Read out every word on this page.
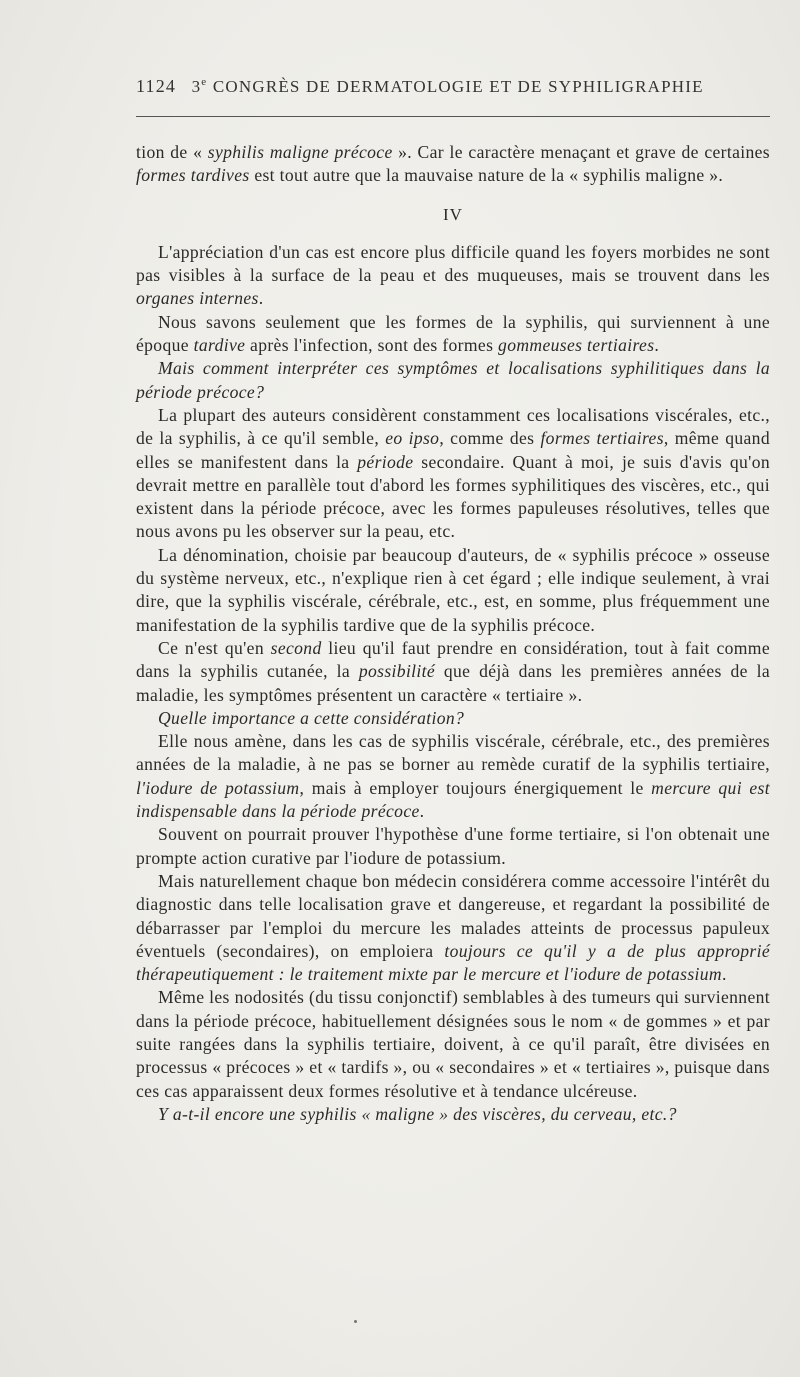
1124 3e CONGRÈS DE DERMATOLOGIE ET DE SYPHILIGRAPHIE

tion de « syphilis maligne précoce ». Car le caractère menaçant et grave de certaines formes tardives est tout autre que la mauvaise nature de la « syphilis maligne ».

IV

L'appréciation d'un cas est encore plus difficile quand les foyers morbides ne sont pas visibles à la surface de la peau et des muqueuses, mais se trouvent dans les organes internes.

Nous savons seulement que les formes de la syphilis, qui surviennent à une époque tardive après l'infection, sont des formes gommeuses tertiaires.

Mais comment interpréter ces symptômes et localisations syphilitiques dans la période précoce?

La plupart des auteurs considèrent constamment ces localisations viscérales, etc., de la syphilis, à ce qu'il semble, eo ipso, comme des formes tertiaires, même quand elles se manifestent dans la période secondaire. Quant à moi, je suis d'avis qu'on devrait mettre en parallèle tout d'abord les formes syphilitiques des viscères, etc., qui existent dans la période précoce, avec les formes papuleuses résolutives, telles que nous avons pu les observer sur la peau, etc.

La dénomination, choisie par beaucoup d'auteurs, de « syphilis précoce » osseuse du système nerveux, etc., n'explique rien à cet égard ; elle indique seulement, à vrai dire, que la syphilis viscérale, cérébrale, etc., est, en somme, plus fréquemment une manifestation de la syphilis tardive que de la syphilis précoce.

Ce n'est qu'en second lieu qu'il faut prendre en considération, tout à fait comme dans la syphilis cutanée, la possibilité que déjà dans les premières années de la maladie, les symptômes présentent un caractère « tertiaire ».

Quelle importance a cette considération?

Elle nous amène, dans les cas de syphilis viscérale, cérébrale, etc., des premières années de la maladie, à ne pas se borner au remède curatif de la syphilis tertiaire, l'iodure de potassium, mais à employer toujours énergiquement le mercure qui est indispensable dans la période précoce.

Souvent on pourrait prouver l'hypothèse d'une forme tertiaire, si l'on obtenait une prompte action curative par l'iodure de potassium.

Mais naturellement chaque bon médecin considérera comme accessoire l'intérêt du diagnostic dans telle localisation grave et dangereuse, et regardant la possibilité de débarrasser par l'emploi du mercure les malades atteints de processus papuleux éventuels (secondaires), on emploiera toujours ce qu'il y a de plus approprié thérapeutiquement : le traitement mixte par le mercure et l'iodure de potassium.

Même les nodosités (du tissu conjonctif) semblables à des tumeurs qui surviennent dans la période précoce, habituellement désignées sous le nom « de gommes » et par suite rangées dans la syphilis tertiaire, doivent, à ce qu'il paraît, être divisées en processus « précoces » et « tardifs », ou « secondaires » et « tertiaires », puisque dans ces cas apparaissent deux formes résolutive et à tendance ulcéreuse.

Y a-t-il encore une syphilis « maligne » des viscères, du cerveau, etc.?
